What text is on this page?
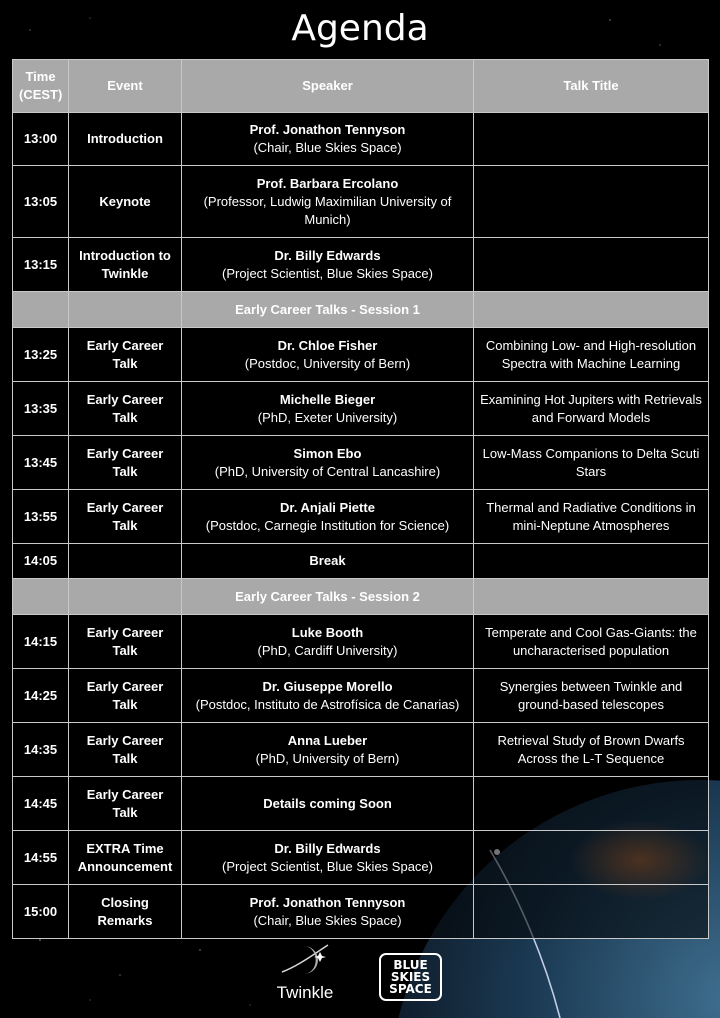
Agenda
Time
(CEST)	Event	Speaker	Talk Title
13:00	Introduction	Prof. Jonathon Tennyson
(Chair, Blue Skies Space)	

13:05	Keynote	Prof. Barbara Ercolano
(Professor, Ludwig Maximilian University of Munich)	

13:15	Introduction to Twinkle	Dr. Billy Edwards
(Project Scientist, Blue Skies Space)	

		Early Career Talks - Session 1	
13:25	Early Career Talk	Dr. Chloe Fisher
(Postdoc, University of Bern)	Combining Low- and High-resolution Spectra with Machine Learning
13:35	Early Career Talk	Michelle Bieger
(PhD, Exeter University)	Examining Hot Jupiters with Retrievals and Forward Models
13:45	Early Career Talk	Simon Ebo
(PhD, University of Central Lancashire)	Low-Mass Companions to Delta Scuti Stars
13:55	Early Career Talk	Dr. Anjali Piette
(Postdoc, Carnegie Institution for Science)	Thermal and Radiative Conditions in mini-Neptune Atmospheres
14:05		Break	
		Early Career Talks - Session 2	
14:15	Early Career Talk	Luke Booth
(PhD, Cardiff University)	Temperate and Cool Gas-Giants: the uncharacterised population
14:25	Early Career Talk	Dr. Giuseppe Morello
(Postdoc, Instituto de Astrofísica de Canarias)	Synergies between Twinkle and ground-based telescopes
14:35	Early Career Talk	Anna Lueber
(PhD, University of Bern)	Retrieval Study of Brown Dwarfs Across the L-T Sequence
14:45	Early Career Talk	Details coming Soon	

14:55	EXTRA Time Announcement	Dr. Billy Edwards
(Project Scientist, Blue Skies Space)	

15:00	Closing Remarks	Prof. Jonathon Tennyson
(Chair, Blue Skies Space)	

Twinkle
BLUE
SKIES
SPACE
